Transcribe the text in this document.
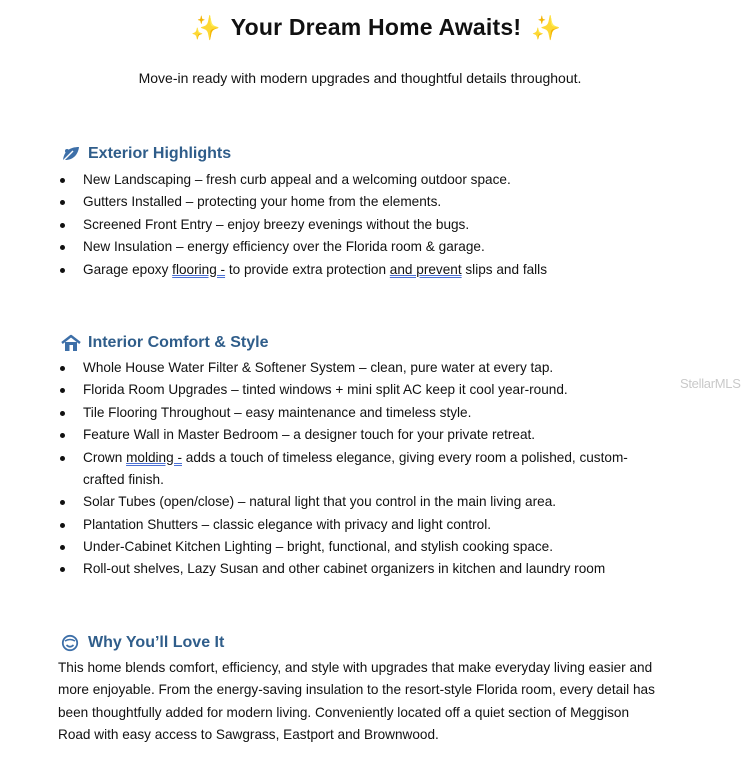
✨ Your Dream Home Awaits! ✨
Move-in ready with modern upgrades and thoughtful details throughout.
Exterior Highlights
New Landscaping – fresh curb appeal and a welcoming outdoor space.
Gutters Installed – protecting your home from the elements.
Screened Front Entry – enjoy breezy evenings without the bugs.
New Insulation – energy efficiency over the Florida room & garage.
Garage epoxy flooring - to provide extra protection and prevent slips and falls
Interior Comfort & Style
Whole House Water Filter & Softener System – clean, pure water at every tap.
Florida Room Upgrades – tinted windows + mini split AC keep it cool year-round.
Tile Flooring Throughout – easy maintenance and timeless style.
Feature Wall in Master Bedroom – a designer touch for your private retreat.
Crown molding - adds a touch of timeless elegance, giving every room a polished, custom-crafted finish.
Solar Tubes (open/close) – natural light that you control in the main living area.
Plantation Shutters – classic elegance with privacy and light control.
Under-Cabinet Kitchen Lighting – bright, functional, and stylish cooking space.
Roll-out shelves, Lazy Susan and other cabinet organizers in kitchen and laundry room
StellarMLS
Why You’ll Love It
This home blends comfort, efficiency, and style with upgrades that make everyday living easier and more enjoyable. From the energy-saving insulation to the resort-style Florida room, every detail has been thoughtfully added for modern living. Conveniently located off a quiet section of Meggison Road with easy access to Sawgrass, Eastport and Brownwood.
